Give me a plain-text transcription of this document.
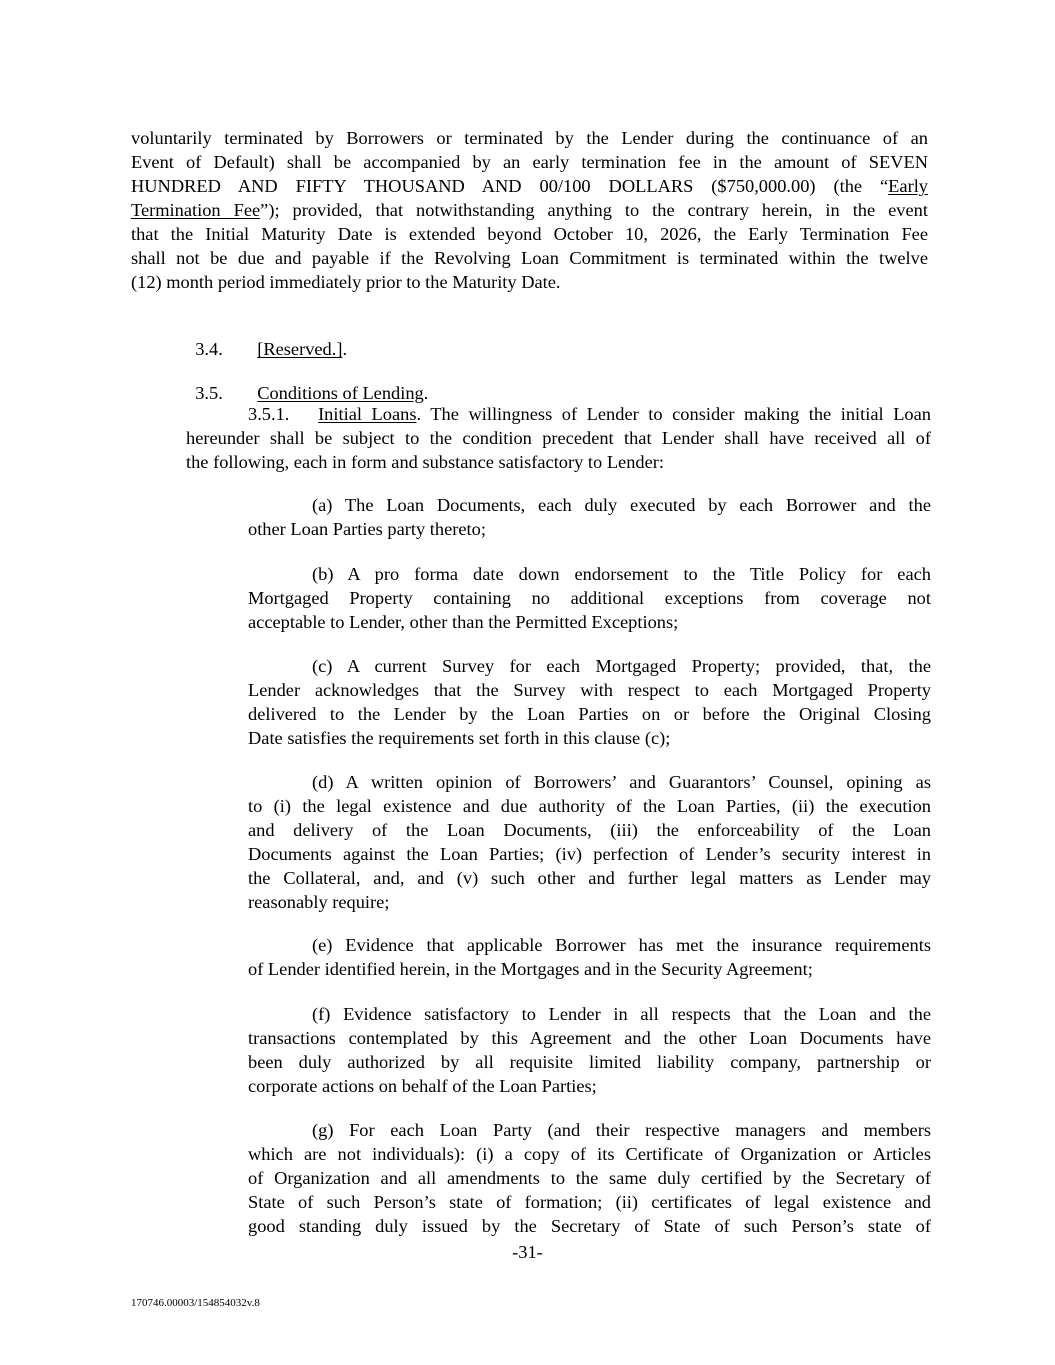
voluntarily terminated by Borrowers or terminated by the Lender during the continuance of an
Event of Default) shall be accompanied by an early termination fee in the amount of SEVEN
HUNDRED AND FIFTY THOUSAND AND 00/100 DOLLARS ($750,000.00) (the “Early
Termination Fee”); provided, that notwithstanding anything to the contrary herein, in the event
that the Initial Maturity Date is extended beyond October 10, 2026, the Early Termination Fee
shall not be due and payable if the Revolving Loan Commitment is terminated within the twelve
(12) month period immediately prior to the Maturity Date.

3.4. [Reserved.].

3.5. Conditions of Lending.

3.5.1. Initial Loans. The willingness of Lender to consider making the initial Loan
hereunder shall be subject to the condition precedent that Lender shall have received all of
the following, each in form and substance satisfactory to Lender:
(a) The Loan Documents, each duly executed by each Borrower and the
other Loan Parties party thereto;
(b) A pro forma date down endorsement to the Title Policy for each
Mortgaged Property containing no additional exceptions from coverage not
acceptable to Lender, other than the Permitted Exceptions;
(c) A current Survey for each Mortgaged Property; provided, that, the
Lender acknowledges that the Survey with respect to each Mortgaged Property
delivered to the Lender by the Loan Parties on or before the Original Closing
Date satisfies the requirements set forth in this clause (c);
(d) A written opinion of Borrowers’ and Guarantors’ Counsel, opining as
to (i) the legal existence and due authority of the Loan Parties, (ii) the execution
and delivery of the Loan Documents, (iii) the enforceability of the Loan
Documents against the Loan Parties; (iv) perfection of Lender’s security interest in
the Collateral, and, and (v) such other and further legal matters as Lender may
reasonably require;
(e) Evidence that applicable Borrower has met the insurance requirements
of Lender identified herein, in the Mortgages and in the Security Agreement;
(f) Evidence satisfactory to Lender in all respects that the Loan and the
transactions contemplated by this Agreement and the other Loan Documents have
been duly authorized by all requisite limited liability company, partnership or
corporate actions on behalf of the Loan Parties;
(g) For each Loan Party (and their respective managers and members
which are not individuals): (i) a copy of its Certificate of Organization or Articles
of Organization and all amendments to the same duly certified by the Secretary of
State of such Person’s state of formation; (ii) certificates of legal existence and
good standing duly issued by the Secretary of State of such Person’s state of
-31-
170746.00003/154854032v.8
